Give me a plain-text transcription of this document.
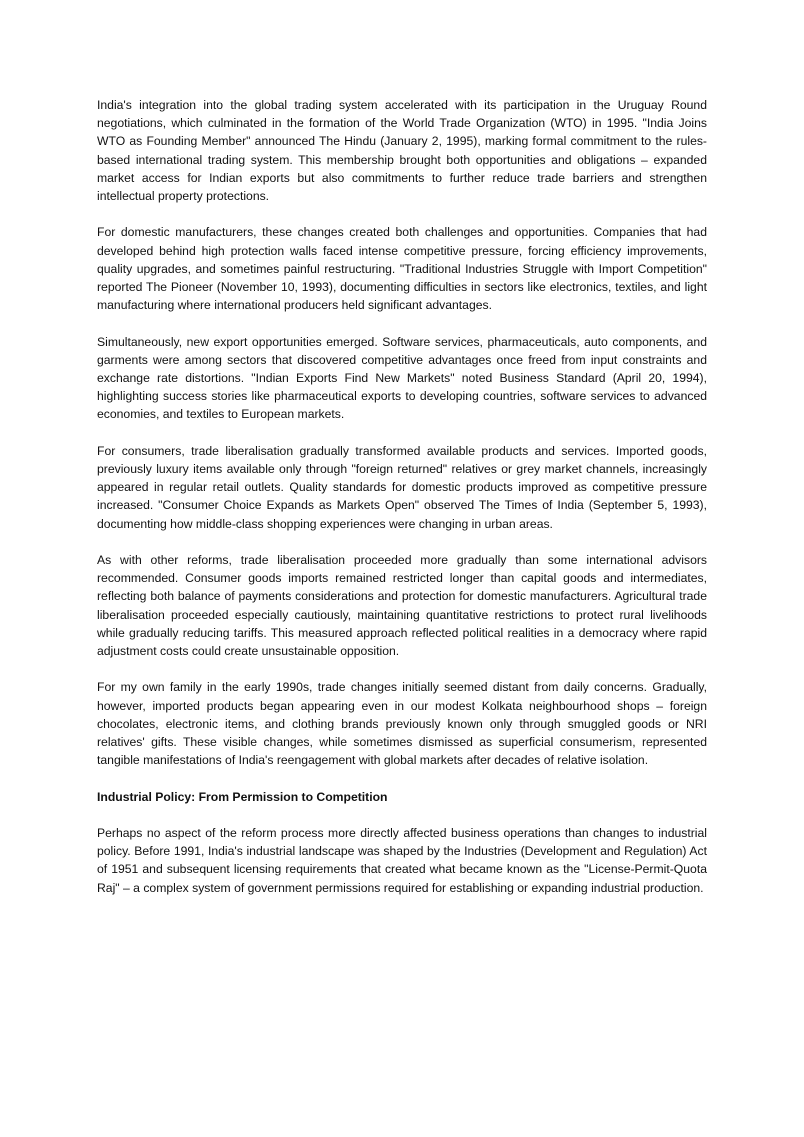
India's integration into the global trading system accelerated with its participation in the Uruguay Round negotiations, which culminated in the formation of the World Trade Organization (WTO) in 1995. "India Joins WTO as Founding Member" announced The Hindu (January 2, 1995), marking formal commitment to the rules-based international trading system. This membership brought both opportunities and obligations – expanded market access for Indian exports but also commitments to further reduce trade barriers and strengthen intellectual property protections.

For domestic manufacturers, these changes created both challenges and opportunities. Companies that had developed behind high protection walls faced intense competitive pressure, forcing efficiency improvements, quality upgrades, and sometimes painful restructuring. "Traditional Industries Struggle with Import Competition" reported The Pioneer (November 10, 1993), documenting difficulties in sectors like electronics, textiles, and light manufacturing where international producers held significant advantages.

Simultaneously, new export opportunities emerged. Software services, pharmaceuticals, auto components, and garments were among sectors that discovered competitive advantages once freed from input constraints and exchange rate distortions. "Indian Exports Find New Markets" noted Business Standard (April 20, 1994), highlighting success stories like pharmaceutical exports to developing countries, software services to advanced economies, and textiles to European markets.

For consumers, trade liberalisation gradually transformed available products and services. Imported goods, previously luxury items available only through "foreign returned" relatives or grey market channels, increasingly appeared in regular retail outlets. Quality standards for domestic products improved as competitive pressure increased. "Consumer Choice Expands as Markets Open" observed The Times of India (September 5, 1993), documenting how middle-class shopping experiences were changing in urban areas.

As with other reforms, trade liberalisation proceeded more gradually than some international advisors recommended. Consumer goods imports remained restricted longer than capital goods and intermediates, reflecting both balance of payments considerations and protection for domestic manufacturers. Agricultural trade liberalisation proceeded especially cautiously, maintaining quantitative restrictions to protect rural livelihoods while gradually reducing tariffs. This measured approach reflected political realities in a democracy where rapid adjustment costs could create unsustainable opposition.

For my own family in the early 1990s, trade changes initially seemed distant from daily concerns. Gradually, however, imported products began appearing even in our modest Kolkata neighbourhood shops – foreign chocolates, electronic items, and clothing brands previously known only through smuggled goods or NRI relatives' gifts. These visible changes, while sometimes dismissed as superficial consumerism, represented tangible manifestations of India's reengagement with global markets after decades of relative isolation.

Industrial Policy: From Permission to Competition

Perhaps no aspect of the reform process more directly affected business operations than changes to industrial policy. Before 1991, India's industrial landscape was shaped by the Industries (Development and Regulation) Act of 1951 and subsequent licensing requirements that created what became known as the "License-Permit-Quota Raj" – a complex system of government permissions required for establishing or expanding industrial production.
